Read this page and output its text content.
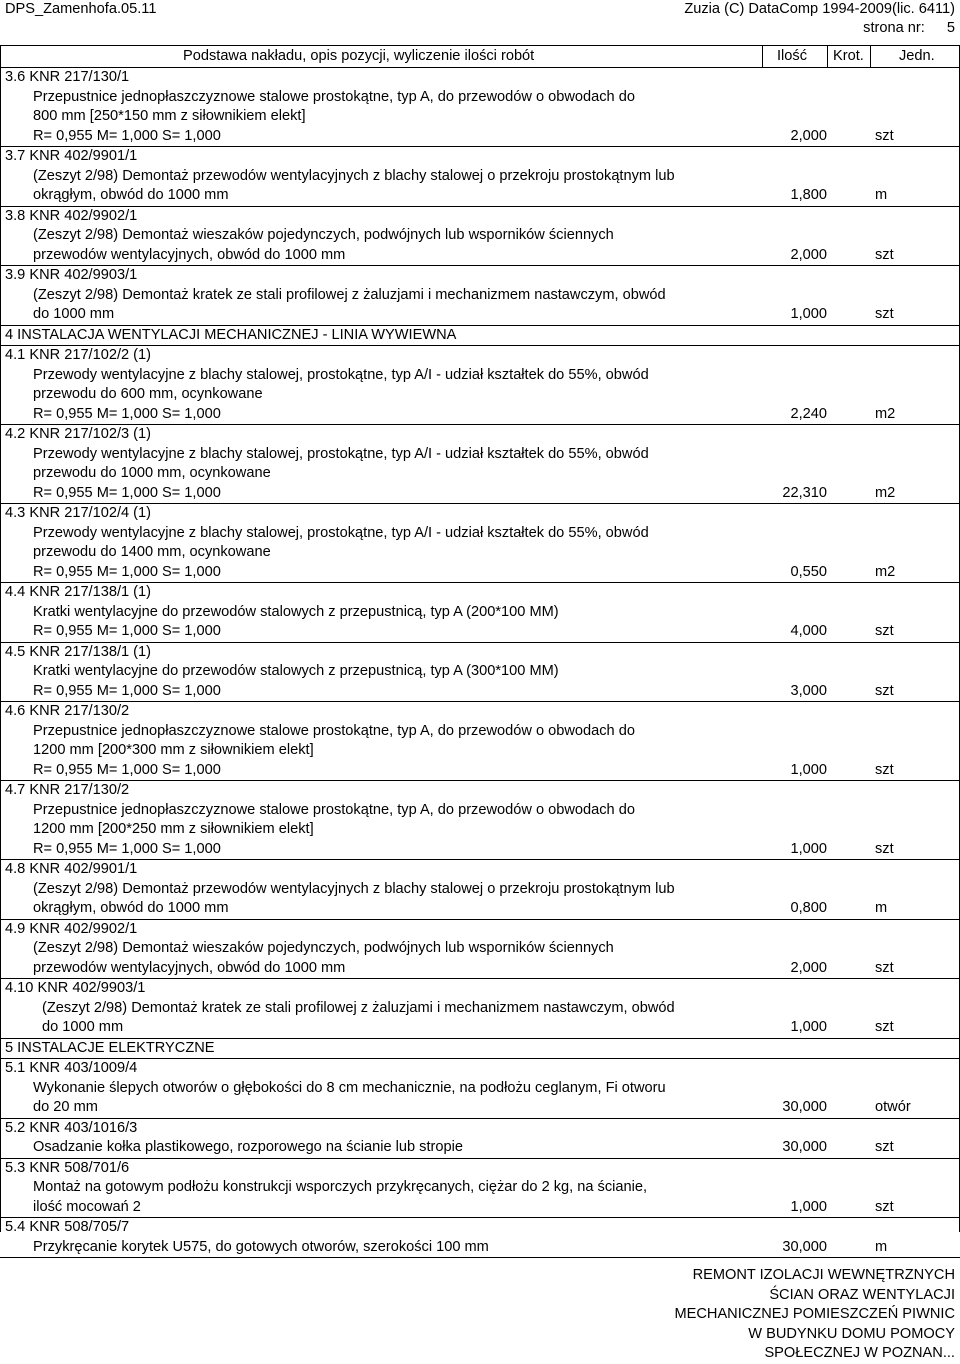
DPS_Zamenhofa.05.11	Zuzia (C) DataComp 1994-2009(lic. 6411)
strona nr: 5
Podstawa nakładu, opis pozycji, wyliczenie ilości robót	Ilość Krot. Jedn.
3.6 KNR 217/130/1
Przepustnice jednopłaszczyznowe stalowe prostokątne, typ A, do przewodów o obwodach do
800 mm [250*150 mm z siłownikiem elekt]
R= 0,955 M= 1,000 S= 1,000	2,000	szt
3.7 KNR 402/9901/1
(Zeszyt 2/98) Demontaż przewodów wentylacyjnych z blachy stalowej o przekroju prostokątnym lub
okrągłym, obwód do 1000 mm	1,800	m
3.8 KNR 402/9902/1
(Zeszyt 2/98) Demontaż wieszaków pojedynczych, podwójnych lub wsporników ściennych
przewodów wentylacyjnych, obwód do 1000 mm	2,000	szt
3.9 KNR 402/9903/1
(Zeszyt 2/98) Demontaż kratek ze stali profilowej z żaluzjami i mechanizmem nastawczym, obwód
do 1000 mm	1,000	szt
4 INSTALACJA WENTYLACJI MECHANICZNEJ - LINIA WYWIEWNA
4.1 KNR 217/102/2 (1)
Przewody wentylacyjne z blachy stalowej, prostokątne, typ A/I - udział kształtek do 55%, obwód
przewodu do 600 mm, ocynkowane
R= 0,955 M= 1,000 S= 1,000	2,240	m2
4.2 KNR 217/102/3 (1)
Przewody wentylacyjne z blachy stalowej, prostokątne, typ A/I - udział kształtek do 55%, obwód
przewodu do 1000 mm, ocynkowane
R= 0,955 M= 1,000 S= 1,000	22,310	m2
4.3 KNR 217/102/4 (1)
Przewody wentylacyjne z blachy stalowej, prostokątne, typ A/I - udział kształtek do 55%, obwód
przewodu do 1400 mm, ocynkowane
R= 0,955 M= 1,000 S= 1,000	0,550	m2
4.4 KNR 217/138/1 (1)
Kratki wentylacyjne do przewodów stalowych z przepustnicą, typ A (200*100 MM)
R= 0,955 M= 1,000 S= 1,000	4,000	szt
4.5 KNR 217/138/1 (1)
Kratki wentylacyjne do przewodów stalowych z przepustnicą, typ A (300*100 MM)
R= 0,955 M= 1,000 S= 1,000	3,000	szt
4.6 KNR 217/130/2
Przepustnice jednopłaszczyznowe stalowe prostokątne, typ A, do przewodów o obwodach do
1200 mm [200*300 mm z siłownikiem elekt]
R= 0,955 M= 1,000 S= 1,000	1,000	szt
4.7 KNR 217/130/2
Przepustnice jednopłaszczyznowe stalowe prostokątne, typ A, do przewodów o obwodach do
1200 mm [200*250 mm z siłownikiem elekt]
R= 0,955 M= 1,000 S= 1,000	1,000	szt
4.8 KNR 402/9901/1
(Zeszyt 2/98) Demontaż przewodów wentylacyjnych z blachy stalowej o przekroju prostokątnym lub
okrągłym, obwód do 1000 mm	0,800	m
4.9 KNR 402/9902/1
(Zeszyt 2/98) Demontaż wieszaków pojedynczych, podwójnych lub wsporników ściennych
przewodów wentylacyjnych, obwód do 1000 mm	2,000	szt
4.10 KNR 402/9903/1
(Zeszyt 2/98) Demontaż kratek ze stali profilowej z żaluzjami i mechanizmem nastawczym, obwód
do 1000 mm	1,000	szt
5 INSTALACJE ELEKTRYCZNE
5.1 KNR 403/1009/4
Wykonanie ślepych otworów o głębokości do 8 cm mechanicznie, na podłożu ceglanym, Fi otworu
do 20 mm	30,000	otwór
5.2 KNR 403/1016/3
Osadzanie kołka plastikowego, rozporowego na ścianie lub stropie	30,000	szt
5.3 KNR 508/701/6
Montaż na gotowym podłożu konstrukcji wsporczych przykręcanych, ciężar do 2 kg, na ścianie,
ilość mocowań 2	1,000	szt
5.4 KNR 508/705/7
Przykręcanie korytek U575, do gotowych otworów, szerokości 100 mm	30,000	m
REMONT IZOLACJI WEWNĘTRZNYCH
ŚCIAN ORAZ WENTYLACJI
MECHANICZNEJ POMIESZCZEŃ PIWNIC
W BUDYNKU DOMU POMOCY
SPOŁECZNEJ W POZNAN...
